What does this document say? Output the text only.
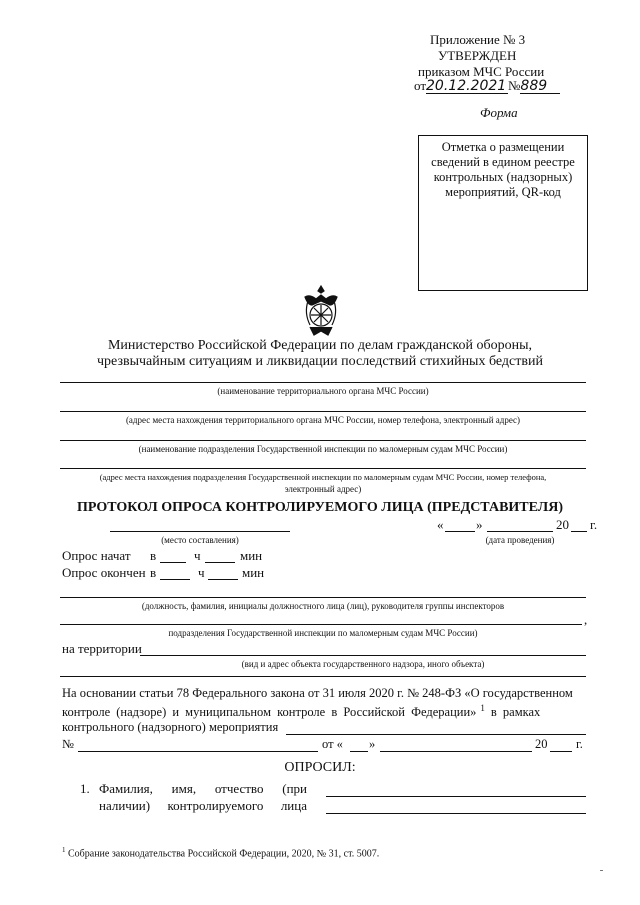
Приложение № 3
УТВЕРЖДЕН
приказом МЧС России
от20.12.2021 №889
Форма
Отметка о размещении сведений в едином реестре контрольных (надзорных) мероприятий, QR-код
Министерство Российской Федерации по делам гражданской обороны,
чрезвычайным ситуациям и ликвидации последствий стихийных бедствий
(наименование территориального органа МЧС России)
(адрес места нахождения территориального органа МЧС России, номер телефона, электронный адрес)
(наименование подразделения Государственной инспекции по маломерным судам МЧС России)
(адрес места нахождения подразделения Государственной инспекции по маломерным судам МЧС России, номер телефона,
электронный адрес)
ПРОТОКОЛ ОПРОСА КОНТРОЛИРУЕМОГО ЛИЦА (ПРЕДСТАВИТЕЛЯ)
(место составления)
«	»	20 г.
(дата проведения)
Опрос начат в	ч	мин
Опрос окончен в	ч	мин
(должность, фамилия, инициалы должностного лица (лиц), руководителя группы инспекторов
,
подразделения Государственной инспекции по маломерным судам МЧС России)
на территории
(вид и адрес объекта государственного надзора, иного объекта)
На основании статьи 78 Федерального закона от 31 июля 2020 г. № 248-ФЗ «О государственном
контроле (надзоре) и муниципальном контроле в Российской Федерации» $^1$ в рамках
контрольного (надзорного) мероприятия
№	от « »	20 г.
ОПРОСИЛ:
1. Фамилия, имя, отчество (при
наличии) контролируемого лица
$^1$ Собрание законодательства Российской Федерации, 2020, № 31, ст. 5007.
